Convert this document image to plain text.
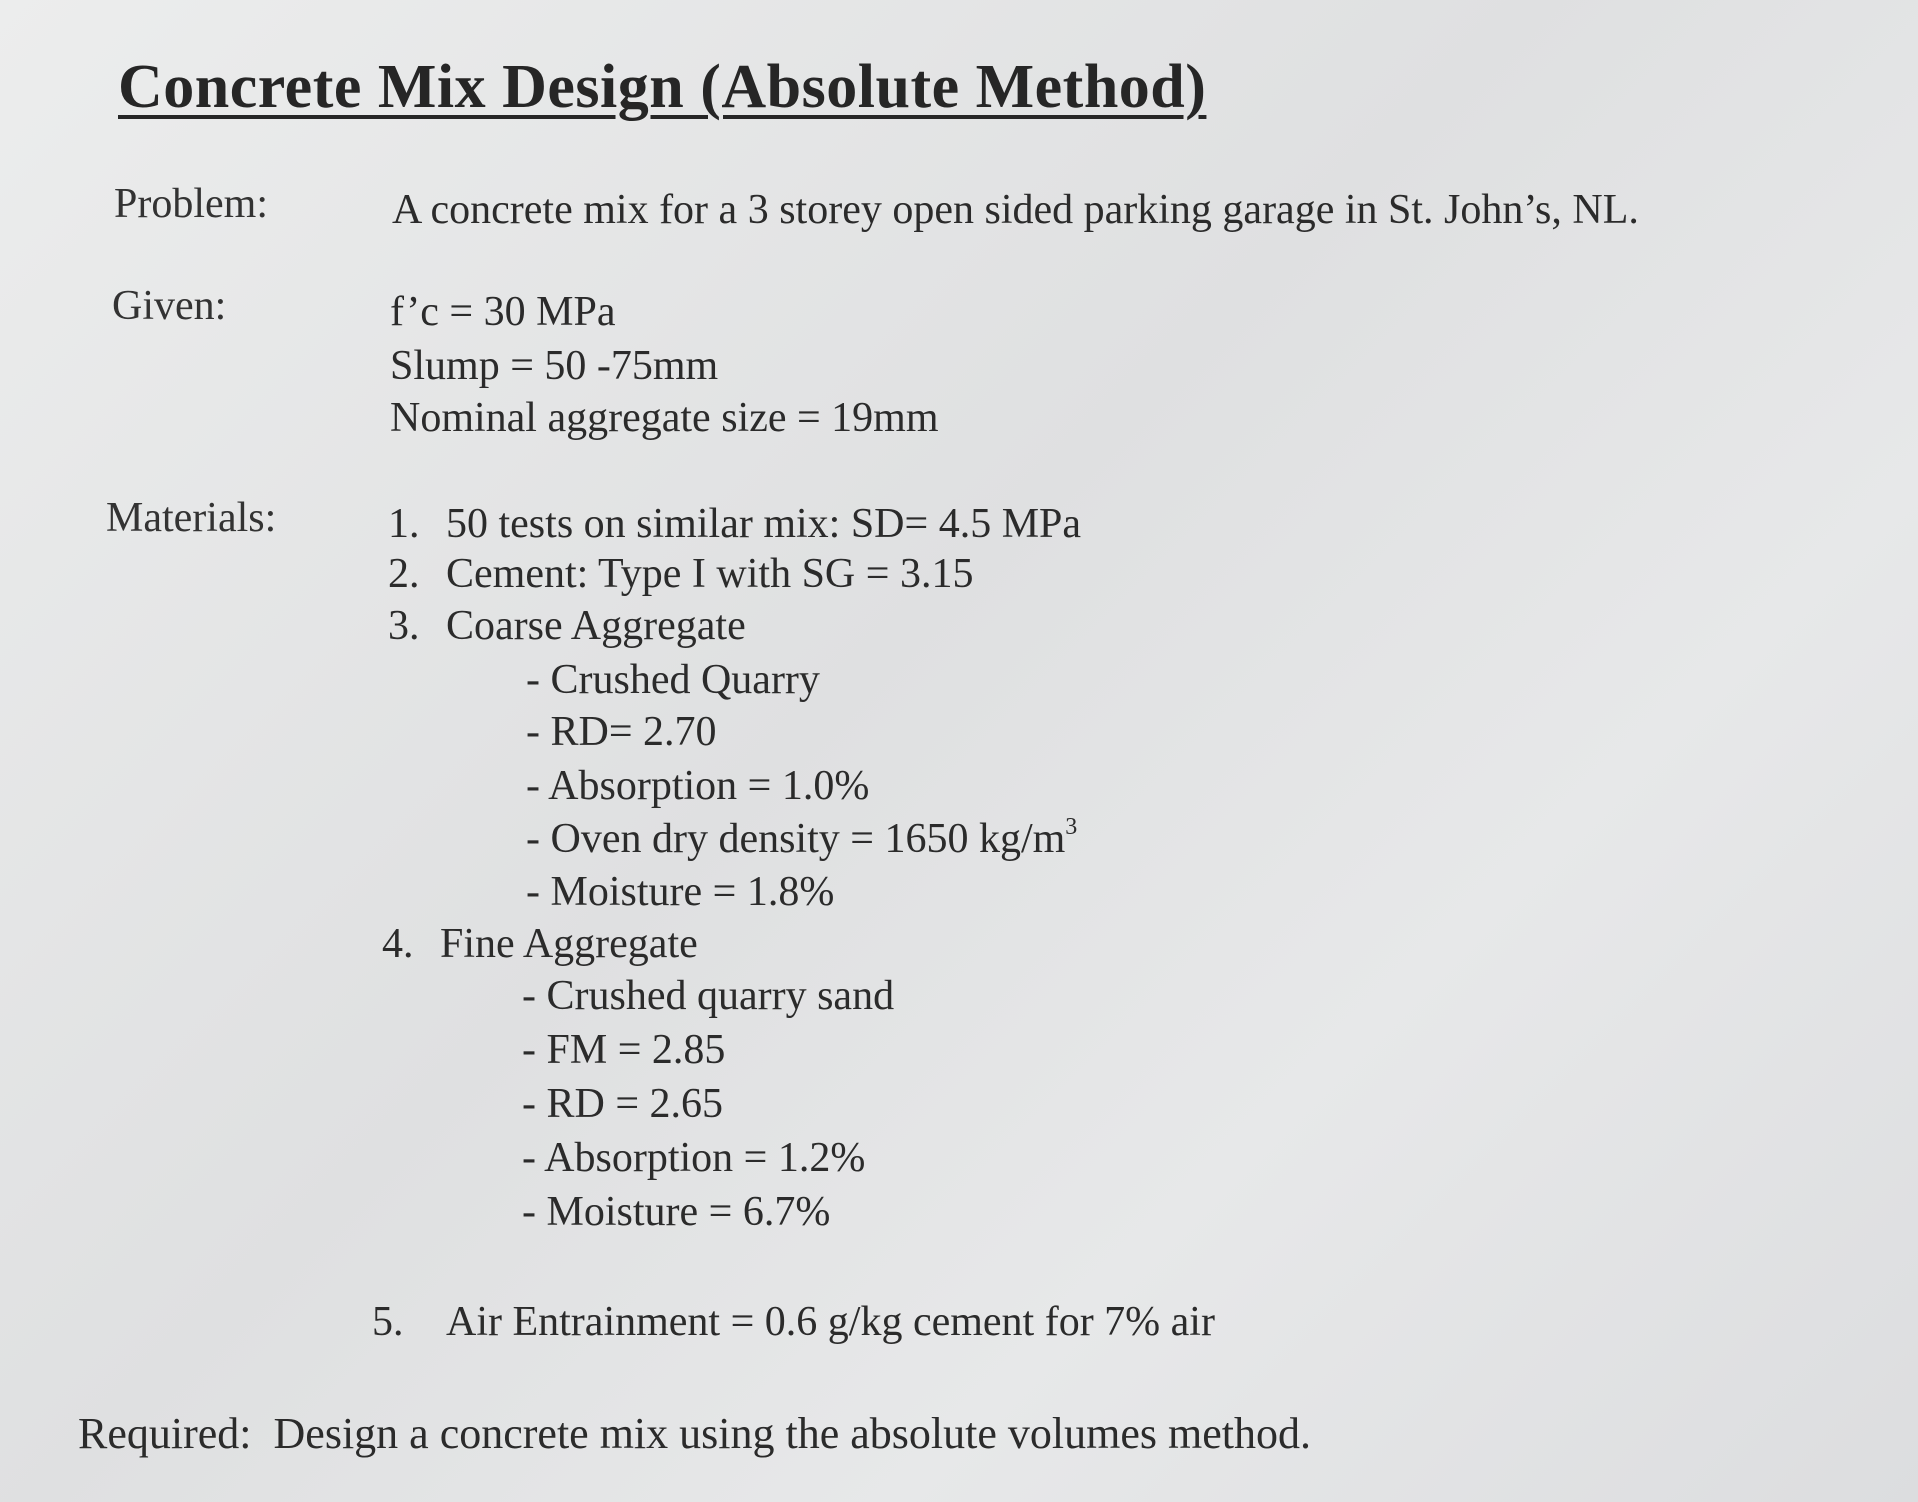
Concrete Mix Design (Absolute Method)
Problem:	A concrete mix for a 3 storey open sided parking garage in St. John’s, NL.
Given:	f’c = 30 MPa
Slump = 50 -75mm
Nominal aggregate size = 19mm
Materials:	1. 50 tests on similar mix: SD= 4.5 MPa
2. Cement: Type I with SG = 3.15
3. Coarse Aggregate
- Crushed Quarry
- RD= 2.70
- Absorption = 1.0%
- Oven dry density = 1650 $kg/m^3$
- Moisture = 1.8%
4. Fine Aggregate
- Crushed quarry sand
- FM = 2.85
- RD = 2.65
- Absorption = 1.2%
- Moisture = 6.7%
5. Air Entrainment = 0.6 g/kg cement for 7% air
Required: Design a concrete mix using the absolute volumes method.
